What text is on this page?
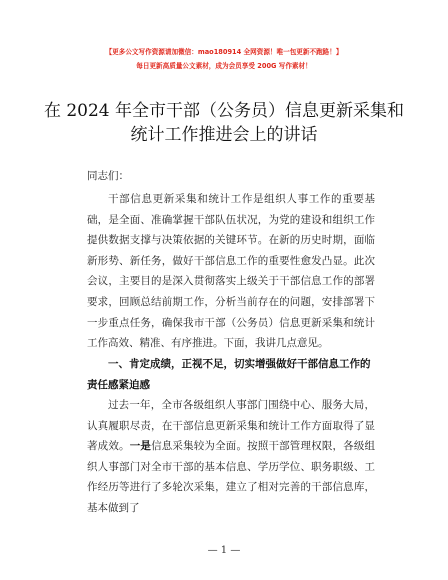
【更多公文写作资源请加微信：mao180914 全网资源！唯一包更新不跑路！】
每日更新高质量公文素材，成为会员享受 200G 写作素材！
在 2024 年全市干部（公务员）信息更新采集和
统计工作推进会上的讲话
同志们：

干部信息更新采集和统计工作是组织人事工作的重要基础，是全面、准确掌握干部队伍状况，为党的建设和组织工作提供数据支撑与决策依据的关键环节。在新的历史时期，面临新形势、新任务，做好干部信息工作的重要性愈发凸显。此次会议，主要目的是深入贯彻落实上级关于干部信息工作的部署要求，回顾总结前期工作，分析当前存在的问题，安排部署下一步重点任务，确保我市干部（公务员）信息更新采集和统计工作高效、精准、有序推进。下面，我讲几点意见。

一、肯定成绩，正视不足，切实增强做好干部信息工作的责任感紧迫感

过去一年，全市各级组织人事部门围绕中心、服务大局，认真履职尽责，在干部信息更新采集和统计工作方面取得了显著成效。一是信息采集较为全面。按照干部管理权限，各级组织人事部门对全市干部的基本信息、学历学位、职务职级、工作经历等进行了多轮次采集，建立了相对完善的干部信息库，基本做到了

— 1 —
